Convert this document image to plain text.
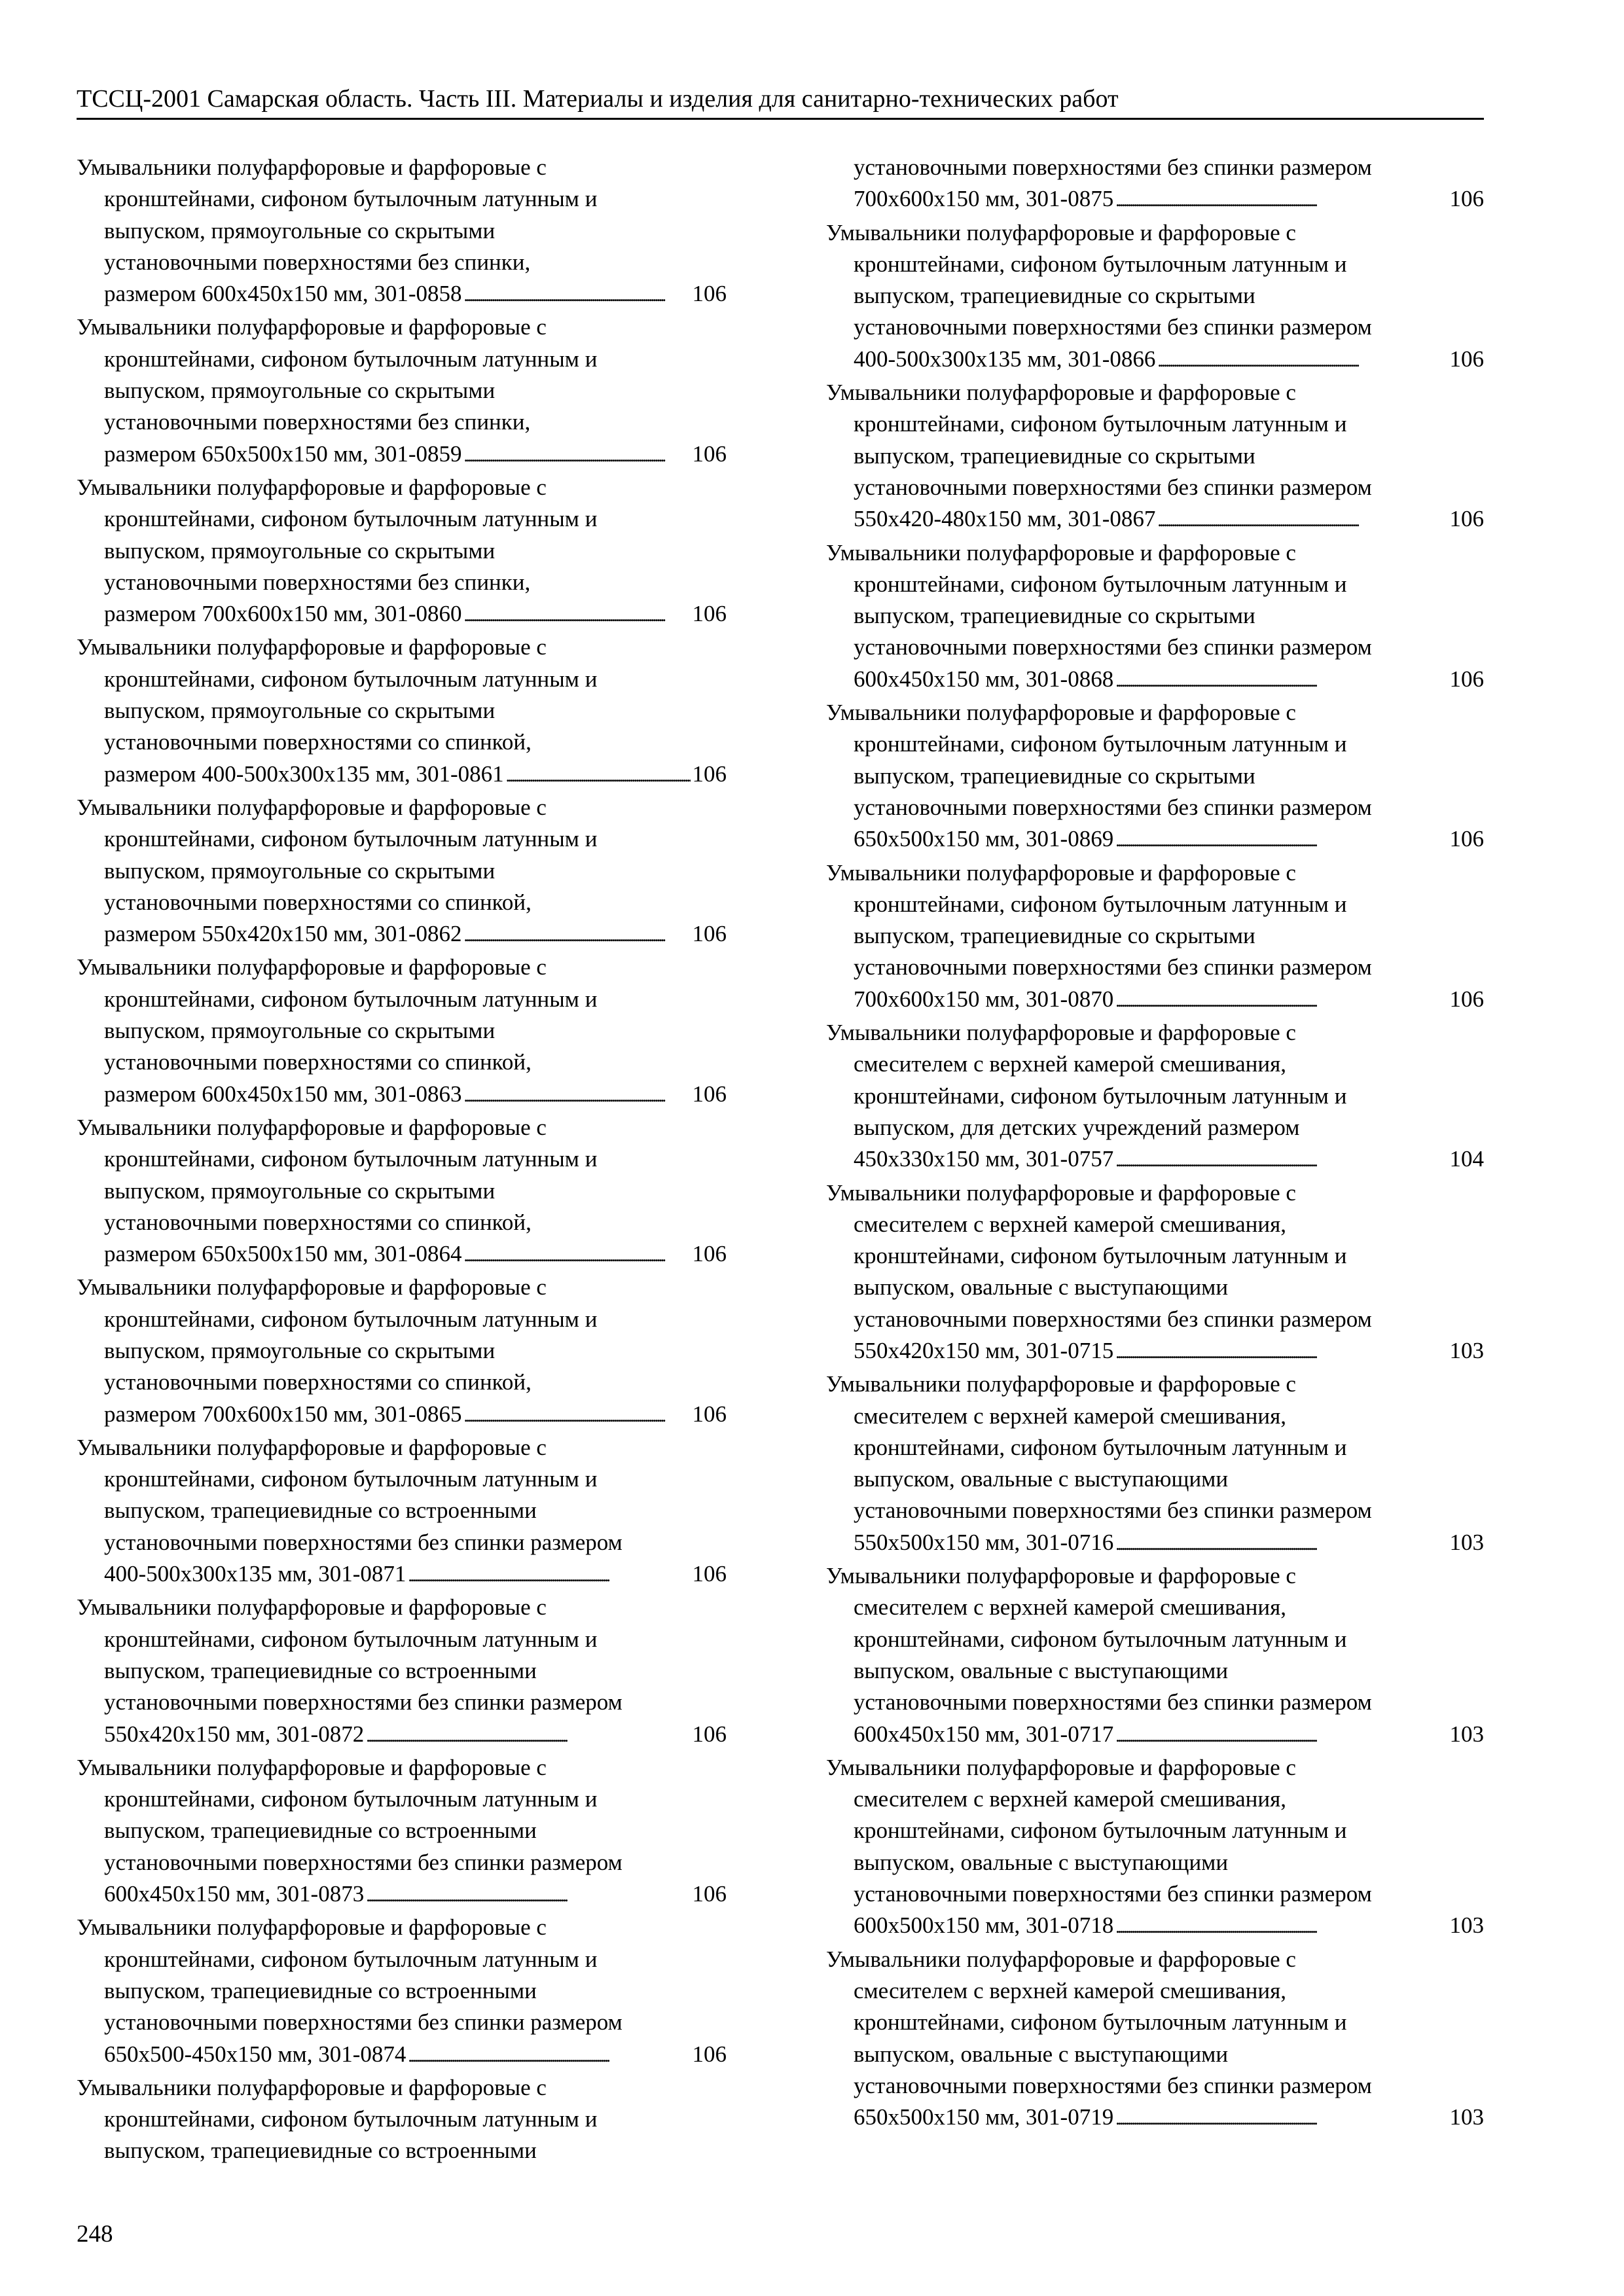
ТССЦ-2001 Самарская область. Часть III. Материалы и изделия для санитарно-технических работ
Умывальники полуфарфоровые и фарфоровые с
кронштейнами, сифоном бутылочным латунным и
выпуском, прямоугольные со скрытыми
установочными поверхностями без спинки,
размером 600x450x150 мм, 301-0858 . . .	106
Умывальники полуфарфоровые и фарфоровые с
кронштейнами, сифоном бутылочным латунным и
выпуском, прямоугольные со скрытыми
установочными поверхностями без спинки,
размером 650x500x150 мм, 301-0859 . . .	106
Умывальники полуфарфоровые и фарфоровые с
кронштейнами, сифоном бутылочным латунным и
выпуском, прямоугольные со скрытыми
установочными поверхностями без спинки,
размером 700x600x150 мм, 301-0860 . . .	106
Умывальники полуфарфоровые и фарфоровые с
кронштейнами, сифоном бутылочным латунным и
выпуском, прямоугольные со скрытыми
установочными поверхностями со спинкой,
размером 400-500x300x135 мм, 301-0861 . . .	106
Умывальники полуфарфоровые и фарфоровые с
кронштейнами, сифоном бутылочным латунным и
выпуском, прямоугольные со скрытыми
установочными поверхностями со спинкой,
размером 550x420x150 мм, 301-0862 . . .	106
Умывальники полуфарфоровые и фарфоровые с
кронштейнами, сифоном бутылочным латунным и
выпуском, прямоугольные со скрытыми
установочными поверхностями со спинкой,
размером 600x450x150 мм, 301-0863 . . .	106
Умывальники полуфарфоровые и фарфоровые с
кронштейнами, сифоном бутылочным латунным и
выпуском, прямоугольные со скрытыми
установочными поверхностями со спинкой,
размером 650x500x150 мм, 301-0864 . . .	106
Умывальники полуфарфоровые и фарфоровые с
кронштейнами, сифоном бутылочным латунным и
выпуском, прямоугольные со скрытыми
установочными поверхностями со спинкой,
размером 700x600x150 мм, 301-0865 . . .	106
Умывальники полуфарфоровые и фарфоровые с
кронштейнами, сифоном бутылочным латунным и
выпуском, трапециевидные со встроенными
установочными поверхностями без спинки размером
400-500x300x135 мм, 301-0871 . . .	106
Умывальники полуфарфоровые и фарфоровые с
кронштейнами, сифоном бутылочным латунным и
выпуском, трапециевидные со встроенными
установочными поверхностями без спинки размером
550x420x150 мм, 301-0872 . . .	106
Умывальники полуфарфоровые и фарфоровые с
кронштейнами, сифоном бутылочным латунным и
выпуском, трапециевидные со встроенными
установочными поверхностями без спинки размером
600x450x150 мм, 301-0873 . . .	106
Умывальники полуфарфоровые и фарфоровые с
кронштейнами, сифоном бутылочным латунным и
выпуском, трапециевидные со встроенными
установочными поверхностями без спинки размером
650x500-450x150 мм, 301-0874 . . .	106
Умывальники полуфарфоровые и фарфоровые с
кронштейнами, сифоном бутылочным латунным и
выпуском, трапециевидные со встроенными
установочными поверхностями без спинки размером
700x600x150 мм, 301-0875 . . .	106
Умывальники полуфарфоровые и фарфоровые с
кронштейнами, сифоном бутылочным латунным и
выпуском, трапециевидные со скрытыми
установочными поверхностями без спинки размером
400-500x300x135 мм, 301-0866 . . .	106
Умывальники полуфарфоровые и фарфоровые с
кронштейнами, сифоном бутылочным латунным и
выпуском, трапециевидные со скрытыми
установочными поверхностями без спинки размером
550x420-480x150 мм, 301-0867 . . .	106
Умывальники полуфарфоровые и фарфоровые с
кронштейнами, сифоном бутылочным латунным и
выпуском, трапециевидные со скрытыми
установочными поверхностями без спинки размером
600x450x150 мм, 301-0868 . . .	106
Умывальники полуфарфоровые и фарфоровые с
кронштейнами, сифоном бутылочным латунным и
выпуском, трапециевидные со скрытыми
установочными поверхностями без спинки размером
650x500x150 мм, 301-0869 . . .	106
Умывальники полуфарфоровые и фарфоровые с
кронштейнами, сифоном бутылочным латунным и
выпуском, трапециевидные со скрытыми
установочными поверхностями без спинки размером
700x600x150 мм, 301-0870 . . .	106
Умывальники полуфарфоровые и фарфоровые с
смесителем с верхней камерой смешивания,
кронштейнами, сифоном бутылочным латунным и
выпуском, для детских учреждений размером
450x330x150 мм, 301-0757 . . .	104
Умывальники полуфарфоровые и фарфоровые с
смесителем с верхней камерой смешивания,
кронштейнами, сифоном бутылочным латунным и
выпуском, овальные с выступающими
установочными поверхностями без спинки размером
550x420x150 мм, 301-0715 . . .	103
Умывальники полуфарфоровые и фарфоровые с
смесителем с верхней камерой смешивания,
кронштейнами, сифоном бутылочным латунным и
выпуском, овальные с выступающими
установочными поверхностями без спинки размером
550x500x150 мм, 301-0716 . . .	103
Умывальники полуфарфоровые и фарфоровые с
смесителем с верхней камерой смешивания,
кронштейнами, сифоном бутылочным латунным и
выпуском, овальные с выступающими
установочными поверхностями без спинки размером
600x450x150 мм, 301-0717 . . .	103
Умывальники полуфарфоровые и фарфоровые с
смесителем с верхней камерой смешивания,
кронштейнами, сифоном бутылочным латунным и
выпуском, овальные с выступающими
установочными поверхностями без спинки размером
600x500x150 мм, 301-0718 . . .	103
Умывальники полуфарфоровые и фарфоровые с
смесителем с верхней камерой смешивания,
кронштейнами, сифоном бутылочным латунным и
выпуском, овальные с выступающими
установочными поверхностями без спинки размером
650x500x150 мм, 301-0719 . . .	103
248
